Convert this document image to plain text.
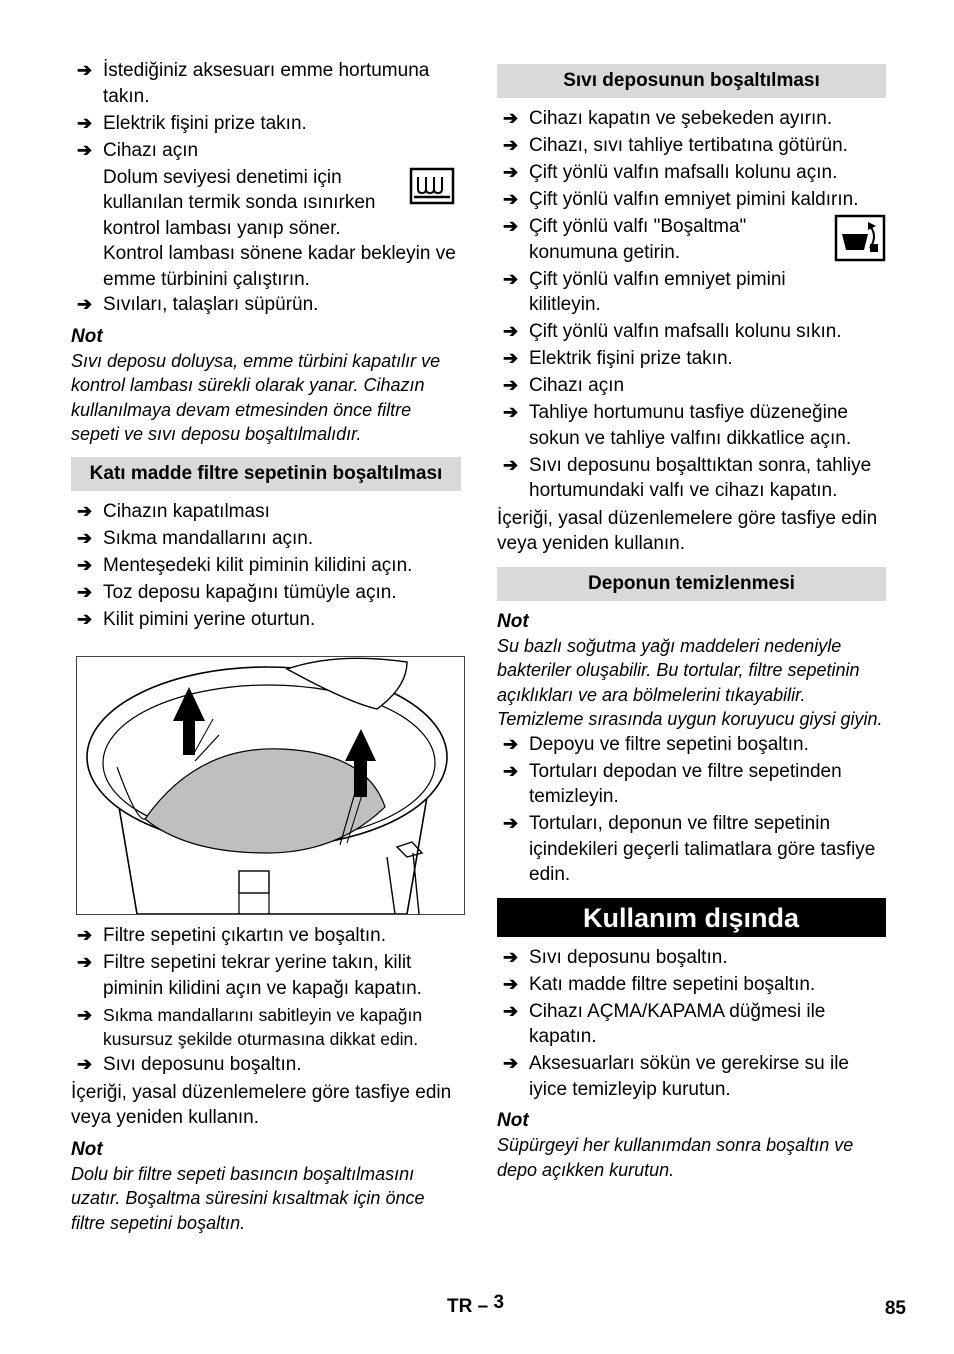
➔ İstediğiniz aksesuarı emme hortumuna takın.
➔ Elektrik fişini prize takın.
➔ Cihazı açın
Dolum seviyesi denetimi için kullanılan termik sonda ısınırken kontrol lambası yanıp söner. Kontrol lambası sönene kadar bekleyin ve emme türbinini çalıştırın.
➔ Sıvıları, talaşları süpürün.
Not
Sıvı deposu doluysa, emme türbini kapatılır ve kontrol lambası sürekli olarak yanar. Cihazın kullanılmaya devam etmesinden önce filtre sepeti ve sıvı deposu boşaltılmalıdır.
Katı madde filtre sepetinin boşaltılması
➔ Cihazın kapatılması
➔ Sıkma mandallarını açın.
➔ Menteşedeki kilit piminin kilidini açın.
➔ Toz deposu kapağını tümüyle açın.
➔ Kilit pimini yerine oturtun.
➔ Filtre sepetini çıkartın ve boşaltın.
➔ Filtre sepetini tekrar yerine takın, kilit piminin kilidini açın ve kapağı kapatın.
➔ Sıkma mandallarını sabitleyin ve kapağın kusursuz şekilde oturmasına dikkat edin.
➔ Sıvı deposunu boşaltın.
İçeriği, yasal düzenlemelere göre tasfiye edin veya yeniden kullanın.
Not
Dolu bir filtre sepeti basıncın boşaltılmasını uzatır. Boşaltma süresini kısaltmak için önce filtre sepetini boşaltın.
Sıvı deposunun boşaltılması
➔ Cihazı kapatın ve şebekeden ayırın.
➔ Cihazı, sıvı tahliye tertibatına götürün.
➔ Çift yönlü valfın mafsallı kolunu açın.
➔ Çift yönlü valfın emniyet pimini kaldırın.
➔ Çift yönlü valfı "Boşaltma" konumuna getirin.
➔ Çift yönlü valfın emniyet pimini kilitleyin.
➔ Çift yönlü valfın mafsallı kolunu sıkın.
➔ Elektrik fişini prize takın.
➔ Cihazı açın
➔ Tahliye hortumunu tasfiye düzeneğine sokun ve tahliye valfını dikkatlice açın.
➔ Sıvı deposunu boşalttıktan sonra, tahliye hortumundaki valfı ve cihazı kapatın.
İçeriği, yasal düzenlemelere göre tasfiye edin veya yeniden kullanın.
Deponun temizlenmesi
Not
Su bazlı soğutma yağı maddeleri nedeniyle bakteriler oluşabilir. Bu tortular, filtre sepetinin açıklıkları ve ara bölmelerini tıkayabilir. Temizleme sırasında uygun koruyucu giysi giyin.
➔ Depoyu ve filtre sepetini boşaltın.
➔ Tortuları depodan ve filtre sepetinden temizleyin.
➔ Tortuları, deponun ve filtre sepetinin içindekileri geçerli talimatlara göre tasfiye edin.
Kullanım dışında
➔ Sıvı deposunu boşaltın.
➔ Katı madde filtre sepetini boşaltın.
➔ Cihazı AÇMA/KAPAMA düğmesi ile kapatın.
➔ Aksesuarları sökün ve gerekirse su ile iyice temizleyip kurutun.
Not
Süpürgeyi her kullanımdan sonra boşaltın ve depo açıkken kurutun.
TR – 3	85
